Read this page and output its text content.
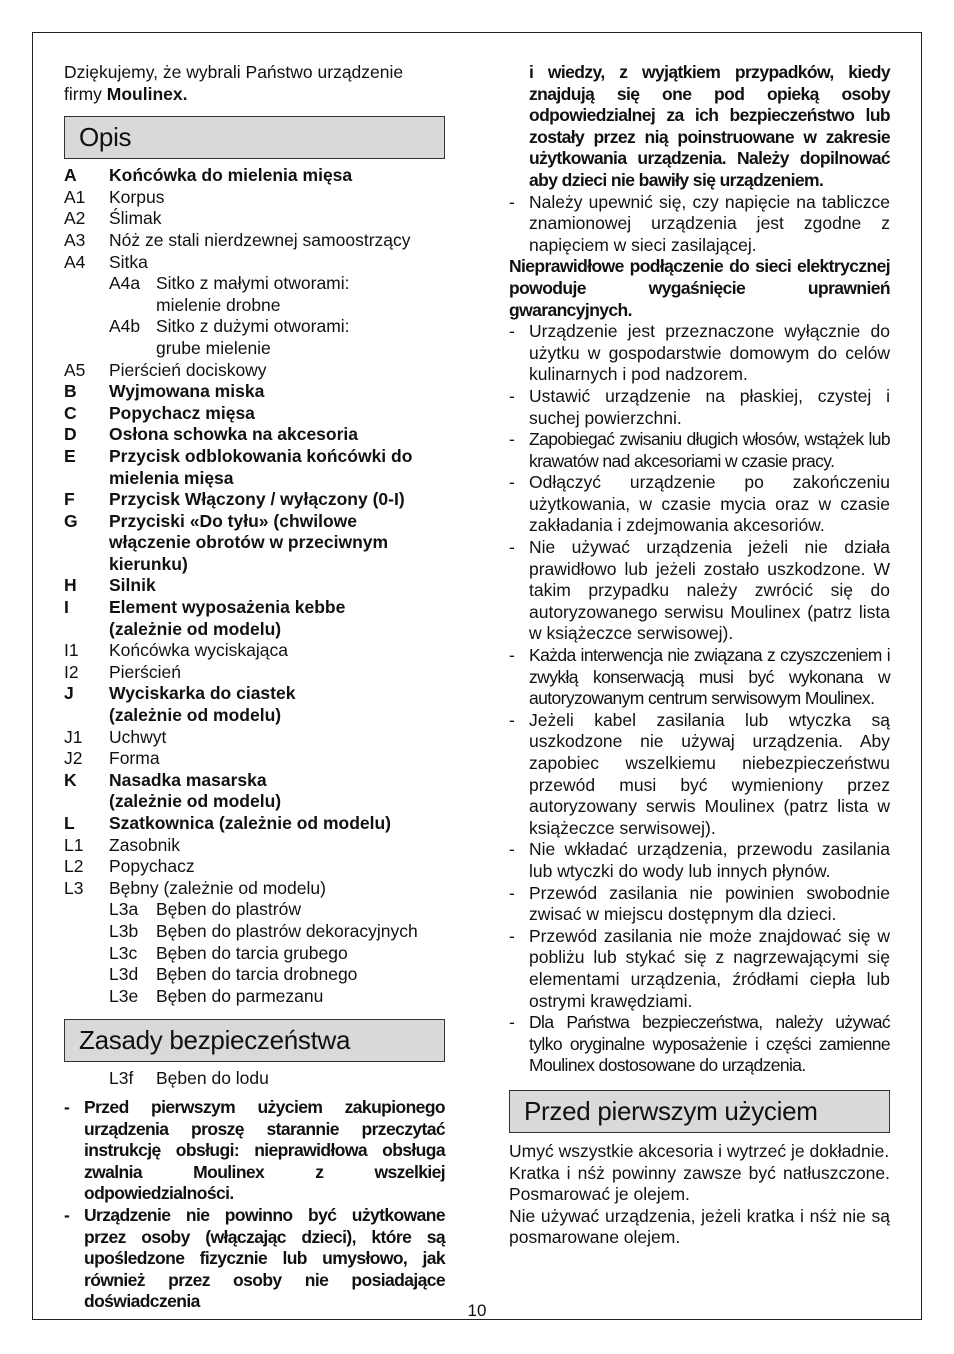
Dziękujemy, że wybrali Państwo urządzenie firmy Moulinex.

Opis
A	Końcówka do mielenia mięsa
A1	Korpus
A2	Ślimak
A3	Nóż ze stali nierdzewnej samoostrzący
A4	Sitka
A4a Sitko z małymi otworami: mielenie drobne
A4b Sitko z dużymi otworami: grube mielenie
A5	Pierścień dociskowy
B	Wyjmowana miska
C	Popychacz mięsa
D	Osłona schowka na akcesoria
E	Przycisk odblokowania końcówki do mielenia mięsa
F	Przycisk Włączony / wyłączony (0-I)
G	Przyciski «Do tyłu» (chwilowe włączenie obrotów w przeciwnym kierunku)
H	Silnik
I	Element wyposażenia kebbe (zależnie od modelu)
I1	Końcówka wyciskająca
I2	Pierścień
J	Wyciskarka do ciastek (zależnie od modelu)
J1	Uchwyt
J2	Forma
K	Nasadka masarska (zależnie od modelu)
L	Szatkownica (zależnie od modelu)
L1	Zasobnik
L2	Popychacz
L3	Bębny (zależnie od modelu)
L3a	Bęben do plastrów
L3b	Bęben do plastrów dekoracyjnych
L3c	Bęben do tarcia grubego
L3d	Bęben do tarcia drobnego
L3e	Bęben do parmezanu
Zasady bezpieczeństwa
L3f	Bęben do lodu
- Przed pierwszym użyciem zakupionego urządzenia proszę starannie przeczytać instrukcję obsługi: nieprawidłowa obsługa zwalnia Moulinex z wszelkiej odpowiedzialności.
- Urządzenie nie powinno być użytkowane przez osoby (włączając dzieci), które są upośledzone fizycznie lub umysłowo, jak również przez osoby nie posiadające doświadczenia

i wiedzy, z wyjątkiem przypadków, kiedy znajdują się one pod opieką osoby odpowiedzialnej za ich bezpieczeństwo lub zostały przez nią poinstruowane w zakresie użytkowania urządzenia. Należy dopilnować aby dzieci nie bawiły się urządzeniem.

- Należy upewnić się, czy napięcie na tabliczce znamionowej urządzenia jest zgodne z napięciem w sieci zasilającej.

Nieprawidłowe podłączenie do sieci elektrycznej powoduje wygaśnięcie uprawnień gwarancyjnych.

- Urządzenie jest przeznaczone wyłącznie do użytku w gospodarstwie domowym do celów kulinarnych i pod nadzorem.
- Ustawić urządzenie na płaskiej, czystej i suchej powierzchni.
- Zapobiegać zwisaniu długich włosów, wstążek lub krawatów nad akcesoriami w czasie pracy.
- Odłączyć urządzenie po zakończeniu użytkowania, w czasie mycia oraz w czasie zakładania i zdejmowania akcesoriów.
- Nie używać urządzenia jeżeli nie działa prawidłowo lub jeżeli zostało uszkodzone. W takim przypadku należy zwrócić się do autoryzowanego serwisu Moulinex (patrz lista w książeczce serwisowej).
- Każda interwencja nie związana z czyszczeniem i zwykłą konserwacją musi być wykonana w autoryzowanym centrum serwisowym Moulinex.
- Jeżeli kabel zasilania lub wtyczka są uszkodzone nie używaj urządzenia. Aby zapobiec wszelkiemu niebezpieczeństwu przewód musi być wymieniony przez autoryzowany serwis Moulinex (patrz lista w książeczce serwisowej).
- Nie wkładać urządzenia, przewodu zasilania lub wtyczki do wody lub innych płynów.
- Przewód zasilania nie powinien swobodnie zwisać w miejscu dostępnym dla dzieci.
- Przewód zasilania nie może znajdować się w pobliżu lub stykać się z nagrzewającymi się elementami urządzenia, źródłami ciepła lub ostrymi krawędziami.
- Dla Państwa bezpieczeństwa, należy używać tylko oryginalne wyposażenie i części zamienne Moulinex dostosowane do urządzenia.
Przed pierwszym użyciem

Umyć wszystkie akcesoria i wytrzeć je dokładnie.

Kratka i nśż powinny zawsze być natłuszczone. Posmarować je olejem.

Nie używać urządzenia, jeżeli kratka i nśż nie są posmarowane olejem.

10
